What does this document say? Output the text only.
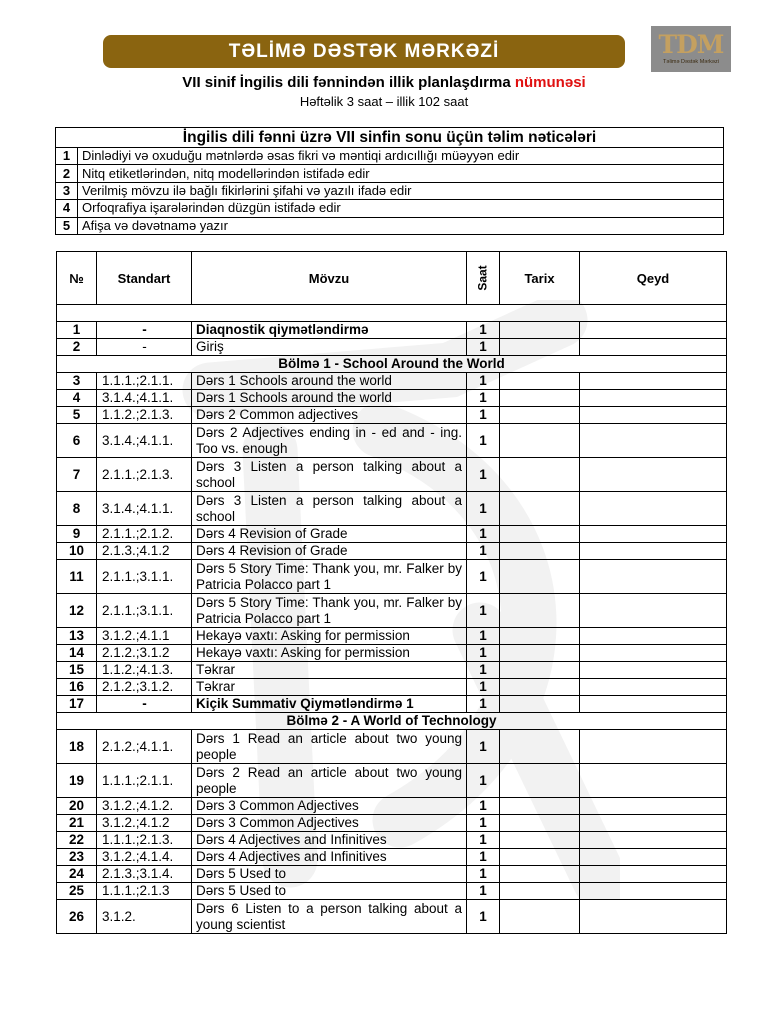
TƏLİMƏ DƏSTƏK MƏRKƏZİ	TDM
Təlimə Dəstək Mərkəzi
VII sinif İngilis dili fənnindən illik planlaşdırma nümunəsi
Həftəlik 3 saat – illik 102 saat
İngilis dili fənni üzrə VII sinfin sonu üçün təlim nəticələri	
1	Dinlədiyi və oxuduğu mətnlərdə əsas fikri və məntiqi ardıcıllığı müəyyən edir
2	Nitq etiketlərindən, nitq modellərindən istifadə edir
3	Verilmiş mövzu ilə bağlı fikirlərini şifahi və yazılı ifadə edir
4	Orfoqrafiya işarələrindən düzgün istifadə edir
5	Afişa və dəvətnamə yazır
№	Standart	Mövzu	Saat	Tarix	Qeyd

1	-	Diaqnostik qiymətləndirmə	1		
2	-	Giriş	1		
Bölmə 1 - School Around the World					
3	1.1.1.;2.1.1.	Dərs 1 Schools around the world	1		
4	3.1.4.;4.1.1.	Dərs 1 Schools around the world	1		
5	1.1.2.;2.1.3.	Dərs 2 Common adjectives	1		
6	3.1.4.;4.1.1.	Dərs 2 Adjectives ending in - ed and - ing. Too vs. enough	1		
7	2.1.1.;2.1.3.	Dərs 3 Listen a person talking about a school	1		
8	3.1.4.;4.1.1.	Dərs 3 Listen a person talking about a school	1		
9	2.1.1.;2.1.2.	Dərs 4 Revision of Grade	1		
10	2.1.3.;4.1.2	Dərs 4 Revision of Grade	1		
11	2.1.1.;3.1.1.	Dərs 5 Story Time: Thank you, mr. Falker by Patricia Polacco part 1	1		
12	2.1.1.;3.1.1.	Dərs 5 Story Time: Thank you, mr. Falker by Patricia Polacco part 1	1		
13	3.1.2.;4.1.1	Hekayə vaxtı: Asking for permission	1		
14	2.1.2.;3.1.2	Hekayə vaxtı: Asking for permission	1		
15	1.1.2.;4.1.3.	Təkrar	1		
16	2.1.2.;3.1.2.	Təkrar	1		
17	-	Kiçik Summativ Qiymətləndirmə 1	1		
Bölmə 2 - A World of Technology					
18	2.1.2.;4.1.1.	Dərs 1 Read an article about two young people	1		
19	1.1.1.;2.1.1.	Dərs 2 Read an article about two young people	1		
20	3.1.2.;4.1.2.	Dərs 3 Common Adjectives	1		
21	3.1.2.;4.1.2	Dərs 3 Common Adjectives	1		
22	1.1.1.;2.1.3.	Dərs 4 Adjectives and Infinitives	1		
23	3.1.2.;4.1.4.	Dərs 4 Adjectives and Infinitives	1		
24	2.1.3.;3.1.4.	Dərs 5 Used to	1		
25	1.1.1.;2.1.3	Dərs 5 Used to	1		
26	3.1.2.	Dərs 6 Listen to a person talking about a young scientist	1		
